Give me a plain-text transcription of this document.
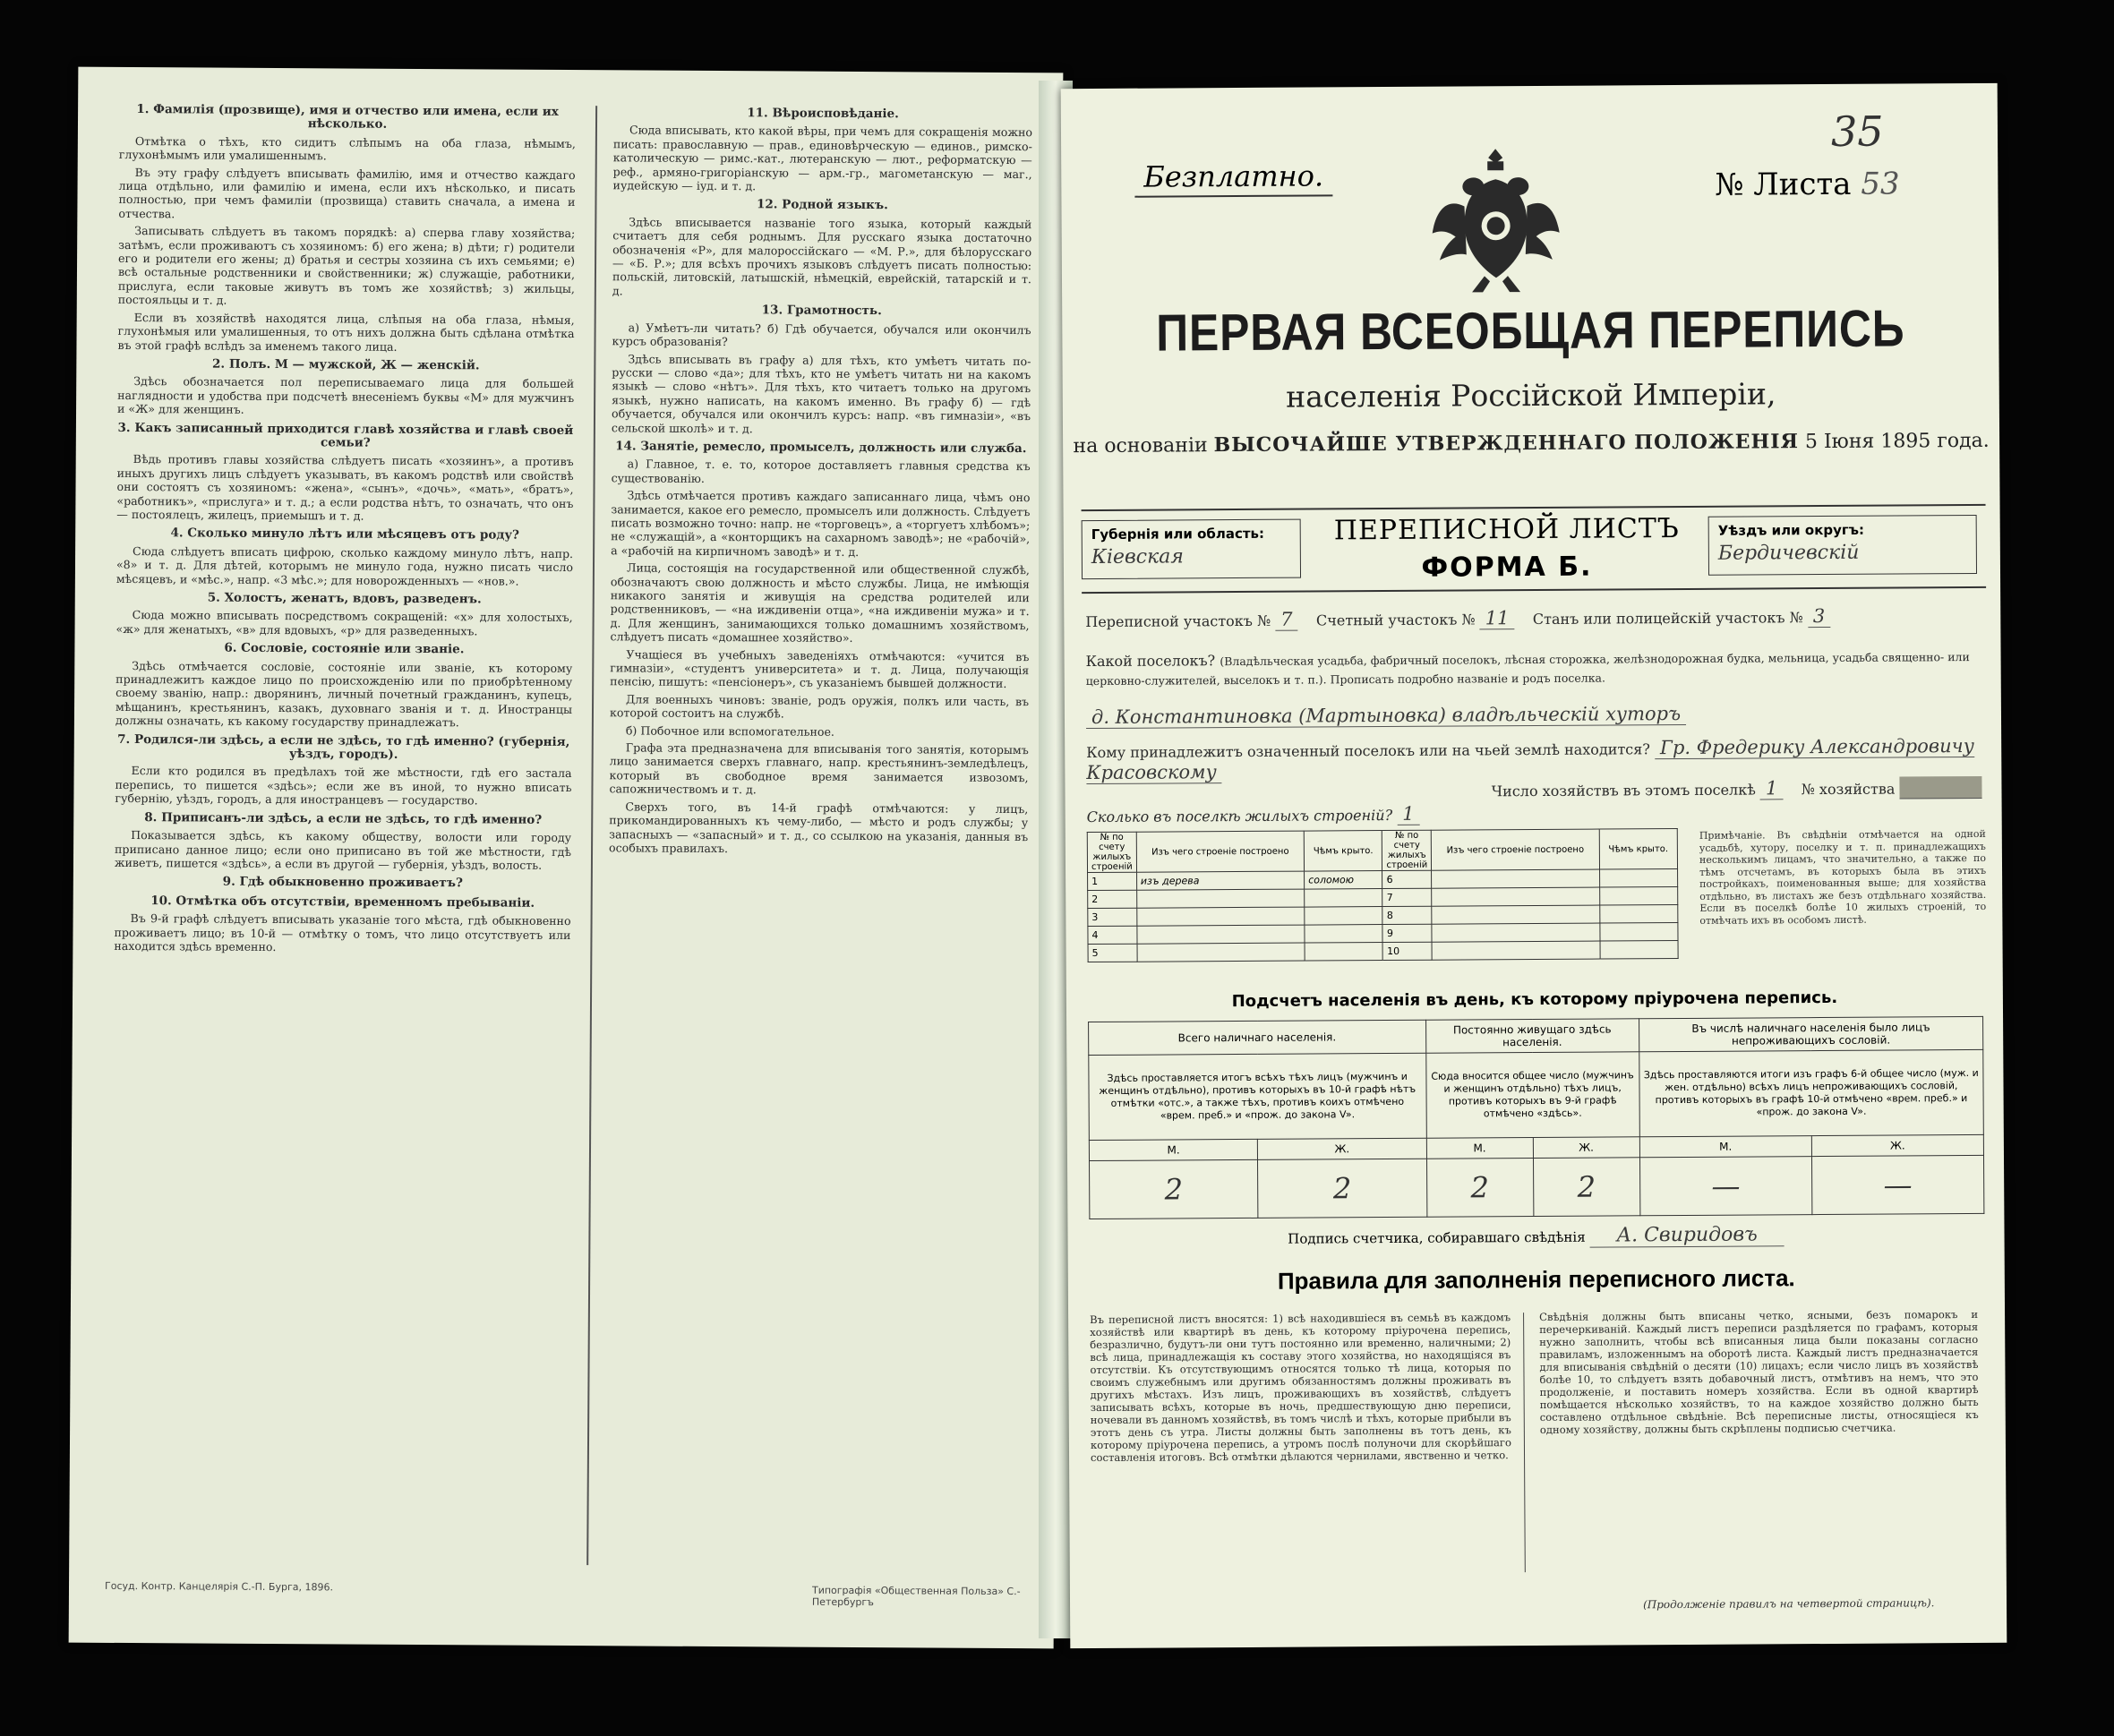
1. Фамилія (прозвище), имя и отчество или имена, если их нѣсколько.
Отмѣтка о тѣхъ, кто сидитъ слѣпымъ на оба глаза, нѣмымъ, глухонѣмымъ или умалишеннымъ.
Въ эту графу слѣдуетъ вписывать фамилію, имя и отчество каждаго лица отдѣльно, или фамилію и имена, если ихъ нѣсколько, и писать полностью, при чемъ фамиліи (прозвища) ставить сначала, а имена и отчества.
Записывать слѣдуетъ въ такомъ порядкѣ: а) сперва главу хозяйства; затѣмъ, если проживаютъ съ хозяиномъ: б) его жена; в) дѣти; г) родители его и родители его жены; д) братья и сестры хозяина съ ихъ семьями; е) всѣ остальные родственники и свойственники; ж) служащіе, работники, прислуга, если таковые живутъ въ томъ же хозяйствѣ; з) жильцы, постояльцы и т. д.
Если въ хозяйствѣ находятся лица, слѣпыя на оба глаза, нѣмыя, глухонѣмыя или умалишенныя, то отъ нихъ должна быть сдѣлана отмѣтка въ этой графѣ вслѣдъ за именемъ такого лица.
2. Полъ. М — мужской, Ж — женскій.
Здѣсь обозначается пол переписываемаго лица для большей наглядности и удобства при подсчетѣ внесеніемъ буквы «М» для мужчинъ и «Ж» для женщинъ.
3. Какъ записанный приходится главѣ хозяйства и главѣ своей семьи?
Вѣдь противъ главы хозяйства слѣдуетъ писать «хозяинъ», а противъ иныхъ другихъ лицъ слѣдуетъ указывать, въ какомъ родствѣ или свойствѣ они состоятъ съ хозяиномъ: «жена», «сынъ», «дочь», «мать», «братъ», «работникъ», «прислуга» и т. д.; а если родства нѣтъ, то означать, что онъ — постоялецъ, жилецъ, приемышъ и т. д.
4. Сколько минуло лѣтъ или мѣсяцевъ отъ роду?
Сюда слѣдуетъ вписать цифрою, сколько каждому минуло лѣтъ, напр. «8» и т. д. Для дѣтей, которымъ не минуло года, нужно писать число мѣсяцевъ, и «мѣс.», напр. «3 мѣс.»; для новорожденныхъ — «нов.».
5. Холостъ, женатъ, вдовъ, разведенъ.
Сюда можно вписывать посредствомъ сокращеній: «х» для холостыхъ, «ж» для женатыхъ, «в» для вдовыхъ, «р» для разведенныхъ.
6. Сословіе, состояніе или званіе.
Здѣсь отмѣчается сословіе, состояніе или званіе, къ которому принадлежитъ каждое лицо по происхожденію или по приобрѣтенному своему званію, напр.: дворянинъ, личный почетный гражданинъ, купецъ, мѣщанинъ, крестьянинъ, казакъ, духовнаго званія и т. д. Иностранцы должны означать, къ какому государству принадлежатъ.
7. Родился-ли здѣсь, а если не здѣсь, то гдѣ именно? (губернія, уѣздъ, городъ).
Если кто родился въ предѣлахъ той же мѣстности, гдѣ его застала перепись, то пишется «здѣсь»; если же въ иной, то нужно вписать губернію, уѣздъ, городъ, а для иностранцевъ — государство.
8. Приписанъ-ли здѣсь, а если не здѣсь, то гдѣ именно?
Показывается здѣсь, къ какому обществу, волости или городу приписано данное лицо; если оно приписано въ той же мѣстности, гдѣ живетъ, пишется «здѣсь», а если въ другой — губернія, уѣздъ, волость.
9. Гдѣ обыкновенно проживаетъ?
10. Отмѣтка объ отсутствіи, временномъ пребываніи.
Въ 9-й графѣ слѣдуетъ вписывать указаніе того мѣста, гдѣ обыкновенно проживаетъ лицо; въ 10-й — отмѣтку о томъ, что лицо отсутствуетъ или находится здѣсь временно.
11. Вѣроисповѣданіе.
Сюда вписывать, кто какой вѣры, при чемъ для сокращенія можно писать: православную — прав., единовѣрческую — единов., римско-католическую — римс.-кат., лютеранскую — лют., реформатскую — реф., армяно-григоріанскую — арм.-гр., магометанскую — маг., иудейскую — іуд. и т. д.
12. Родной языкъ.
Здѣсь вписывается названіе того языка, который каждый считаетъ для себя роднымъ. Для русскаго языка достаточно обозначенія «Р», для малороссійскаго — «М. Р.», для бѣлорусскаго — «Б. Р.»; для всѣхъ прочихъ языковъ слѣдуетъ писать полностью: польскій, литовскій, латышскій, нѣмецкій, еврейскій, татарскій и т. д.
13. Грамотность.
а) Умѣетъ-ли читать? б) Гдѣ обучается, обучался или окончилъ курсъ образованія?
Здѣсь вписывать въ графу а) для тѣхъ, кто умѣетъ читать по-русски — слово «да»; для тѣхъ, кто не умѣетъ читать ни на какомъ языкѣ — слово «нѣтъ». Для тѣхъ, кто читаетъ только на другомъ языкѣ, нужно написать, на какомъ именно. Въ графу б) — гдѣ обучается, обучался или окончилъ курсъ: напр. «въ гимназіи», «въ сельской школѣ» и т. д.
14. Занятіе, ремесло, промыселъ, должность или служба.
а) Главное, т. е. то, которое доставляетъ главныя средства къ существованію.
Здѣсь отмѣчается противъ каждаго записаннаго лица, чѣмъ оно занимается, какое его ремесло, промыселъ или должность. Слѣдуетъ писать возможно точно: напр. не «торговецъ», а «торгуетъ хлѣбомъ»; не «служащій», а «конторщикъ на сахарномъ заводѣ»; не «рабочій», а «рабочій на кирпичномъ заводѣ» и т. д.
Лица, состоящія на государственной или общественной службѣ, обозначаютъ свою должность и мѣсто службы. Лица, не имѣющія никакого занятія и живущія на средства родителей или родственниковъ, — «на иждивеніи отца», «на иждивеніи мужа» и т. д. Для женщинъ, занимающихся только домашнимъ хозяйствомъ, слѣдуетъ писать «домашнее хозяйство».
Учащіеся въ учебныхъ заведеніяхъ отмѣчаются: «учится въ гимназіи», «студентъ университета» и т. д. Лица, получающія пенсію, пишутъ: «пенсіонеръ», съ указаніемъ бывшей должности.
Для военныхъ чиновъ: званіе, родъ оружія, полкъ или часть, въ которой состоитъ на службѣ.
б) Побочное или вспомогательное.
Графа эта предназначена для вписыванія того занятія, которымъ лицо занимается сверхъ главнаго, напр. крестьянинъ-земледѣлецъ, который въ свободное время занимается извозомъ, сапожничествомъ и т. д.
Сверхъ того, въ 14-й графѣ отмѣчаются: у лицъ, прикомандированныхъ къ чему-либо, — мѣсто и родъ службы; у запасныхъ — «запасный» и т. д., со ссылкою на указанія, данныя въ особыхъ правилахъ.
Госуд. Контр. Канцелярія С.-П. Бурга, 1896.	Типографія «Общественная Польза» С.-Петербургъ
35
Безплатно.	№ Листа 53
ПЕРВАЯ ВСЕОБЩАЯ ПЕРЕПИСЬ
населенія Россійской Имперіи,
на основаніи ВЫСОЧАЙШЕ УТВЕРЖДЕННАГО ПОЛОЖЕНІЯ 5 Іюня 1895 года.
Губернія или область:
Кіевская
ПЕРЕПИСНОЙ ЛИСТЪ
ФОРМА Б.
Уѣздъ или округъ:
Бердичевскій
Переписной участокъ № 7 Счетный участокъ № 11 Станъ или полицейскій участокъ № 3
Какой поселокъ? (Владѣльческая усадьба, фабричный поселокъ, лѣсная сторожка, желѣзнодорожная будка, мельница, усадьба священно- или церковно-служителей, выселокъ и т. п.). Прописать подробно названіе и родъ поселка.
д. Константиновка (Мартыновка) владѣльческій хуторъ
Кому принадлежитъ означенный поселокъ или на чьей землѣ находится? Гр. Фредерику Александровичу Красовскому
Число хозяйствъ въ этомъ поселкѣ 1 № хозяйства
Сколько въ поселкѣ жилыхъ строеній? 1
№ по счету жилыхъ строеній	Изъ чего строеніе построено	Чѣмъ крыто.	№ по счету жилыхъ строеній	Изъ чего строеніе построено	Чѣмъ крыто.
1	изъ дерева	соломою	6		
2			7		
3			8		
4			9		
5			10		
Примѣчаніе. Въ свѣдѣніи отмѣчается на одной усадьбѣ, хутору, поселку и т. п. принадлежащихъ несколькимъ лицамъ, что значительно, а также по тѣмъ отсчетамъ, въ которыхъ была въ этихъ постройкахъ, поименованныя выше; для хозяйства отдѣльно, въ листахъ же безъ отдѣльнаго хозяйства. Если въ поселкѣ болѣе 10 жилыхъ строеній, то отмѣчать ихъ въ особомъ листѣ.
Подсчетъ населенія въ день, къ которому пріурочена перепись.
Всего наличнаго населенія.		Постоянно живущаго здѣсь населенія.		Въ числѣ наличнаго населенія было лицъ непроживающихъ сословій.	
Здѣсь проставляется итогъ всѣхъ тѣхъ лицъ (мужчинъ и женщинъ отдѣльно), противъ которыхъ въ 10-й графѣ нѣтъ отмѣтки «отс.», а также тѣхъ, противъ коихъ отмѣчено «врем. преб.» и «прож. до закона V».		Сюда вносится общее число (мужчинъ и женщинъ отдѣльно) тѣхъ лицъ, противъ которыхъ въ 9-й графѣ отмѣчено «здѣсь».		Здѣсь проставляются итоги изъ графъ 6-й общее число (муж. и жен. отдѣльно) всѣхъ лицъ непроживающихъ сословій, противъ которыхъ въ графѣ 10-й отмѣчено «врем. преб.» и «прож. до закона V».	
М.	Ж.	М.	Ж.	М.	Ж.
2	2	2	2	—	—
Подпись счетчика, собиравшаго свѣдѣнія А. Свиридовъ
Правила для заполненія переписного листа.
Въ переписной листъ вносятся: 1) всѣ находившіеся въ семьѣ въ каждомъ хозяйствѣ или квартирѣ въ день, къ которому пріурочена перепись, безразлично, будутъ-ли они тутъ постоянно или временно, наличными; 2) всѣ лица, принадлежащія къ составу этого хозяйства, но находящіяся въ отсутствіи. Къ отсутствующимъ относятся только тѣ лица, которыя по своимъ служебнымъ или другимъ обязанностямъ должны проживать въ другихъ мѣстахъ. Изъ лицъ, проживающихъ въ хозяйствѣ, слѣдуетъ записывать всѣхъ, которые въ ночь, предшествующую дню переписи, ночевали въ данномъ хозяйствѣ, въ томъ числѣ и тѣхъ, которые прибыли въ этотъ день съ утра. Листы должны быть заполнены въ тотъ день, къ которому пріурочена перепись, а утромъ послѣ полуночи для скорѣйшаго составленія итоговъ. Всѣ отмѣтки дѣлаются чернилами, явственно и четко.
Свѣдѣнія должны быть вписаны четко, ясными, безъ помарокъ и перечеркиваній. Каждый листъ переписи раздѣляется по графамъ, которыя нужно заполнить, чтобы всѣ вписанныя лица были показаны согласно правиламъ, изложеннымъ на оборотѣ листа. Каждый листъ предназначается для вписыванія свѣдѣній о десяти (10) лицахъ; если число лицъ въ хозяйствѣ болѣе 10, то слѣдуетъ взять добавочный листъ, отмѣтивъ на немъ, что это продолженіе, и поставить номеръ хозяйства. Если въ одной квартирѣ помѣщается нѣсколько хозяйствъ, то на каждое хозяйство должно быть составлено отдѣльное свѣдѣніе. Всѣ переписные листы, относящіеся къ одному хозяйству, должны быть скрѣплены подписью счетчика.
(Продолженіе правилъ на четвертой страницѣ).
